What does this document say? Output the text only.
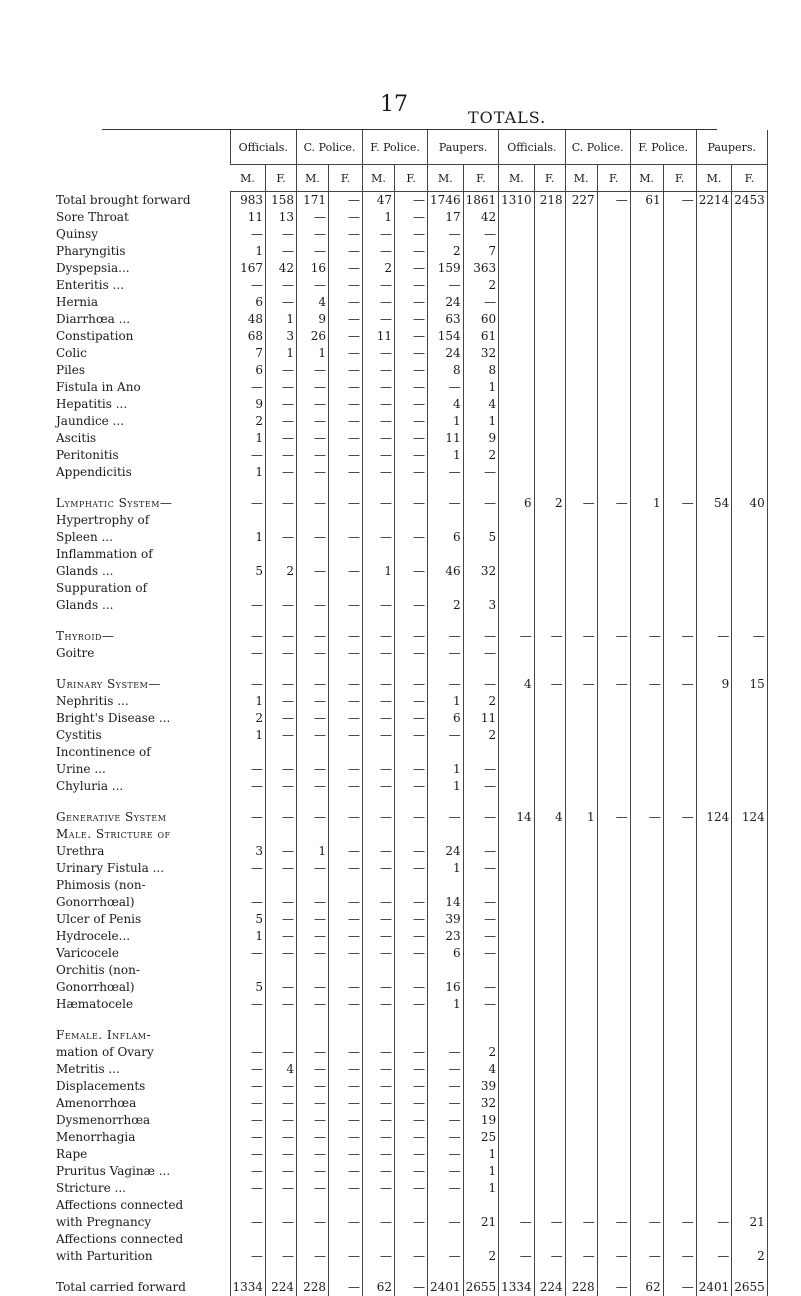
17
TOTALS.
	Officials.		C. Police.		F. Police.		Paupers.		Officials.		C. Police.		F. Police.		Paupers.	
	M.	F.	M.	F.	M.	F.	M.	F.	M.	F.	M.	F.	M.	F.	M.	F.
Total brought forward	983	158	171	—	47	—	1746	1861	1310	218	227	—	61	—	2214	2453
Sore Throat	11	13	—	—	1	—	17	42								
Quinsy	—	—	—	—	—	—	—	—								
Pharyngitis	1	—	—	—	—	—	2	7								
Dyspepsia...	167	42	16	—	2	—	159	363								
Enteritis ...	—	—	—	—	—	—	—	2								
Hernia	6	—	4	—	—	—	24	—								
Diarrhœa ...	48	1	9	—	—	—	63	60								
Constipation	68	3	26	—	11	—	154	61								
Colic	7	1	1	—	—	—	24	32								
Piles	6	—	—	—	—	—	8	8								
Fistula in Ano	—	—	—	—	—	—	—	1								
Hepatitis ...	9	—	—	—	—	—	4	4								
Jaundice ...	2	—	—	—	—	—	1	1								
Ascitis	1	—	—	—	—	—	11	9								
Peritonitis	—	—	—	—	—	—	1	2								
Appendicitis	1	—	—	—	—	—	—	—								

Lymphatic System—	—	—	—	—	—	—	—	—	6	2	—	—	1	—	54	40
Hypertrophy of																
Spleen ...	1	—	—	—	—	—	6	5								
Inflammation of																
Glands ...	5	2	—	—	1	—	46	32								
Suppuration of																
Glands ...	—	—	—	—	—	—	2	3								

Thyroid—	—	—	—	—	—	—	—	—	—	—	—	—	—	—	—	—
Goitre	—	—	—	—	—	—	—	—								

Urinary System—	—	—	—	—	—	—	—	—	4	—	—	—	—	—	9	15
Nephritis ...	1	—	—	—	—	—	1	2								
Bright's Disease ...	2	—	—	—	—	—	6	11								
Cystitis	1	—	—	—	—	—	—	2								
Incontinence of																
Urine ...	—	—	—	—	—	—	1	—								
Chyluria ...	—	—	—	—	—	—	1	—								

Generative System	—	—	—	—	—	—	—	—	14	4	1	—	—	—	124	124
Male. Stricture of																
Urethra	3	—	1	—	—	—	24	—								
Urinary Fistula ...	—	—	—	—	—	—	1	—								
Phimosis (non-																
Gonorrhœal)	—	—	—	—	—	—	14	—								
Ulcer of Penis	5	—	—	—	—	—	39	—								
Hydrocele...	1	—	—	—	—	—	23	—								
Varicocele	—	—	—	—	—	—	6	—								
Orchitis (non-																
Gonorrhœal)	5	—	—	—	—	—	16	—								
Hæmatocele	—	—	—	—	—	—	1	—								

Female. Inflam-																
mation of Ovary	—	—	—	—	—	—	—	2								
Metritis ...	—	4	—	—	—	—	—	4								
Displacements	—	—	—	—	—	—	—	39								
Amenorrhœa	—	—	—	—	—	—	—	32								
Dysmenorrhœa	—	—	—	—	—	—	—	19								
Menorrhagia	—	—	—	—	—	—	—	25								
Rape	—	—	—	—	—	—	—	1								
Pruritus Vaginæ ...	—	—	—	—	—	—	—	1								
Stricture ...	—	—	—	—	—	—	—	1								
Affections connected																
with Pregnancy	—	—	—	—	—	—	—	21	—	—	—	—	—	—	—	21
Affections connected																
with Parturition	—	—	—	—	—	—	—	2	—	—	—	—	—	—	—	2

Total carried forward	1334	224	228	—	62	—	2401	2655	1334	224	228	—	62	—	2401	2655
